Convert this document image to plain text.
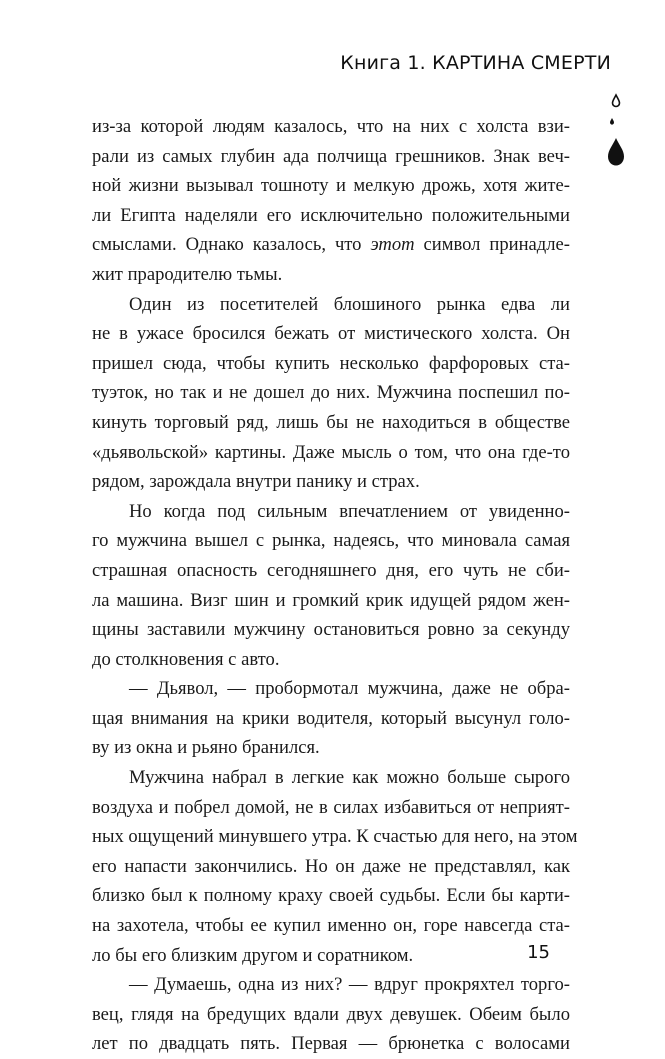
Книга 1. КАРТИНА СМЕРТИ
из-за которой людям казалось, что на них с холста взи-
рали из самых глубин ада полчища грешников. Знак веч-
ной жизни вызывал тошноту и мелкую дрожь, хотя жите-
ли Египта наделяли его исключительно положительными
смыслами. Однако казалось, что этот символ принадле-
жит прародителю тьмы.
Один из посетителей блошиного рынка едва ли
не в ужасе бросился бежать от мистического холста. Он
пришел сюда, чтобы купить несколько фарфоровых ста-
туэток, но так и не дошел до них. Мужчина поспешил по-
кинуть торговый ряд, лишь бы не находиться в обществе
«дьявольской» картины. Даже мысль о том, что она где-то
рядом, зарождала внутри панику и страх.
Но когда под сильным впечатлением от увиденно-
го мужчина вышел с рынка, надеясь, что миновала самая
страшная опасность сегодняшнего дня, его чуть не сби-
ла машина. Визг шин и громкий крик идущей рядом жен-
щины заставили мужчину остановиться ровно за секунду
до столкновения с авто.
— Дьявол, — пробормотал мужчина, даже не обра-
щая внимания на крики водителя, который высунул голо-
ву из окна и рьяно бранился.
Мужчина набрал в легкие как можно больше сырого
воздуха и побрел домой, не в силах избавиться от неприят-
ных ощущений минувшего утра. К счастью для него, на этом
его напасти закончились. Но он даже не представлял, как
близко был к полному краху своей судьбы. Если бы карти-
на захотела, чтобы ее купил именно он, горе навсегда ста-
ло бы его близким другом и соратником.
— Думаешь, одна из них? — вдруг прокряхтел торго-
вец, глядя на бредущих вдали двух девушек. Обеим было
лет по двадцать пять. Первая — брюнетка с волосами
15
